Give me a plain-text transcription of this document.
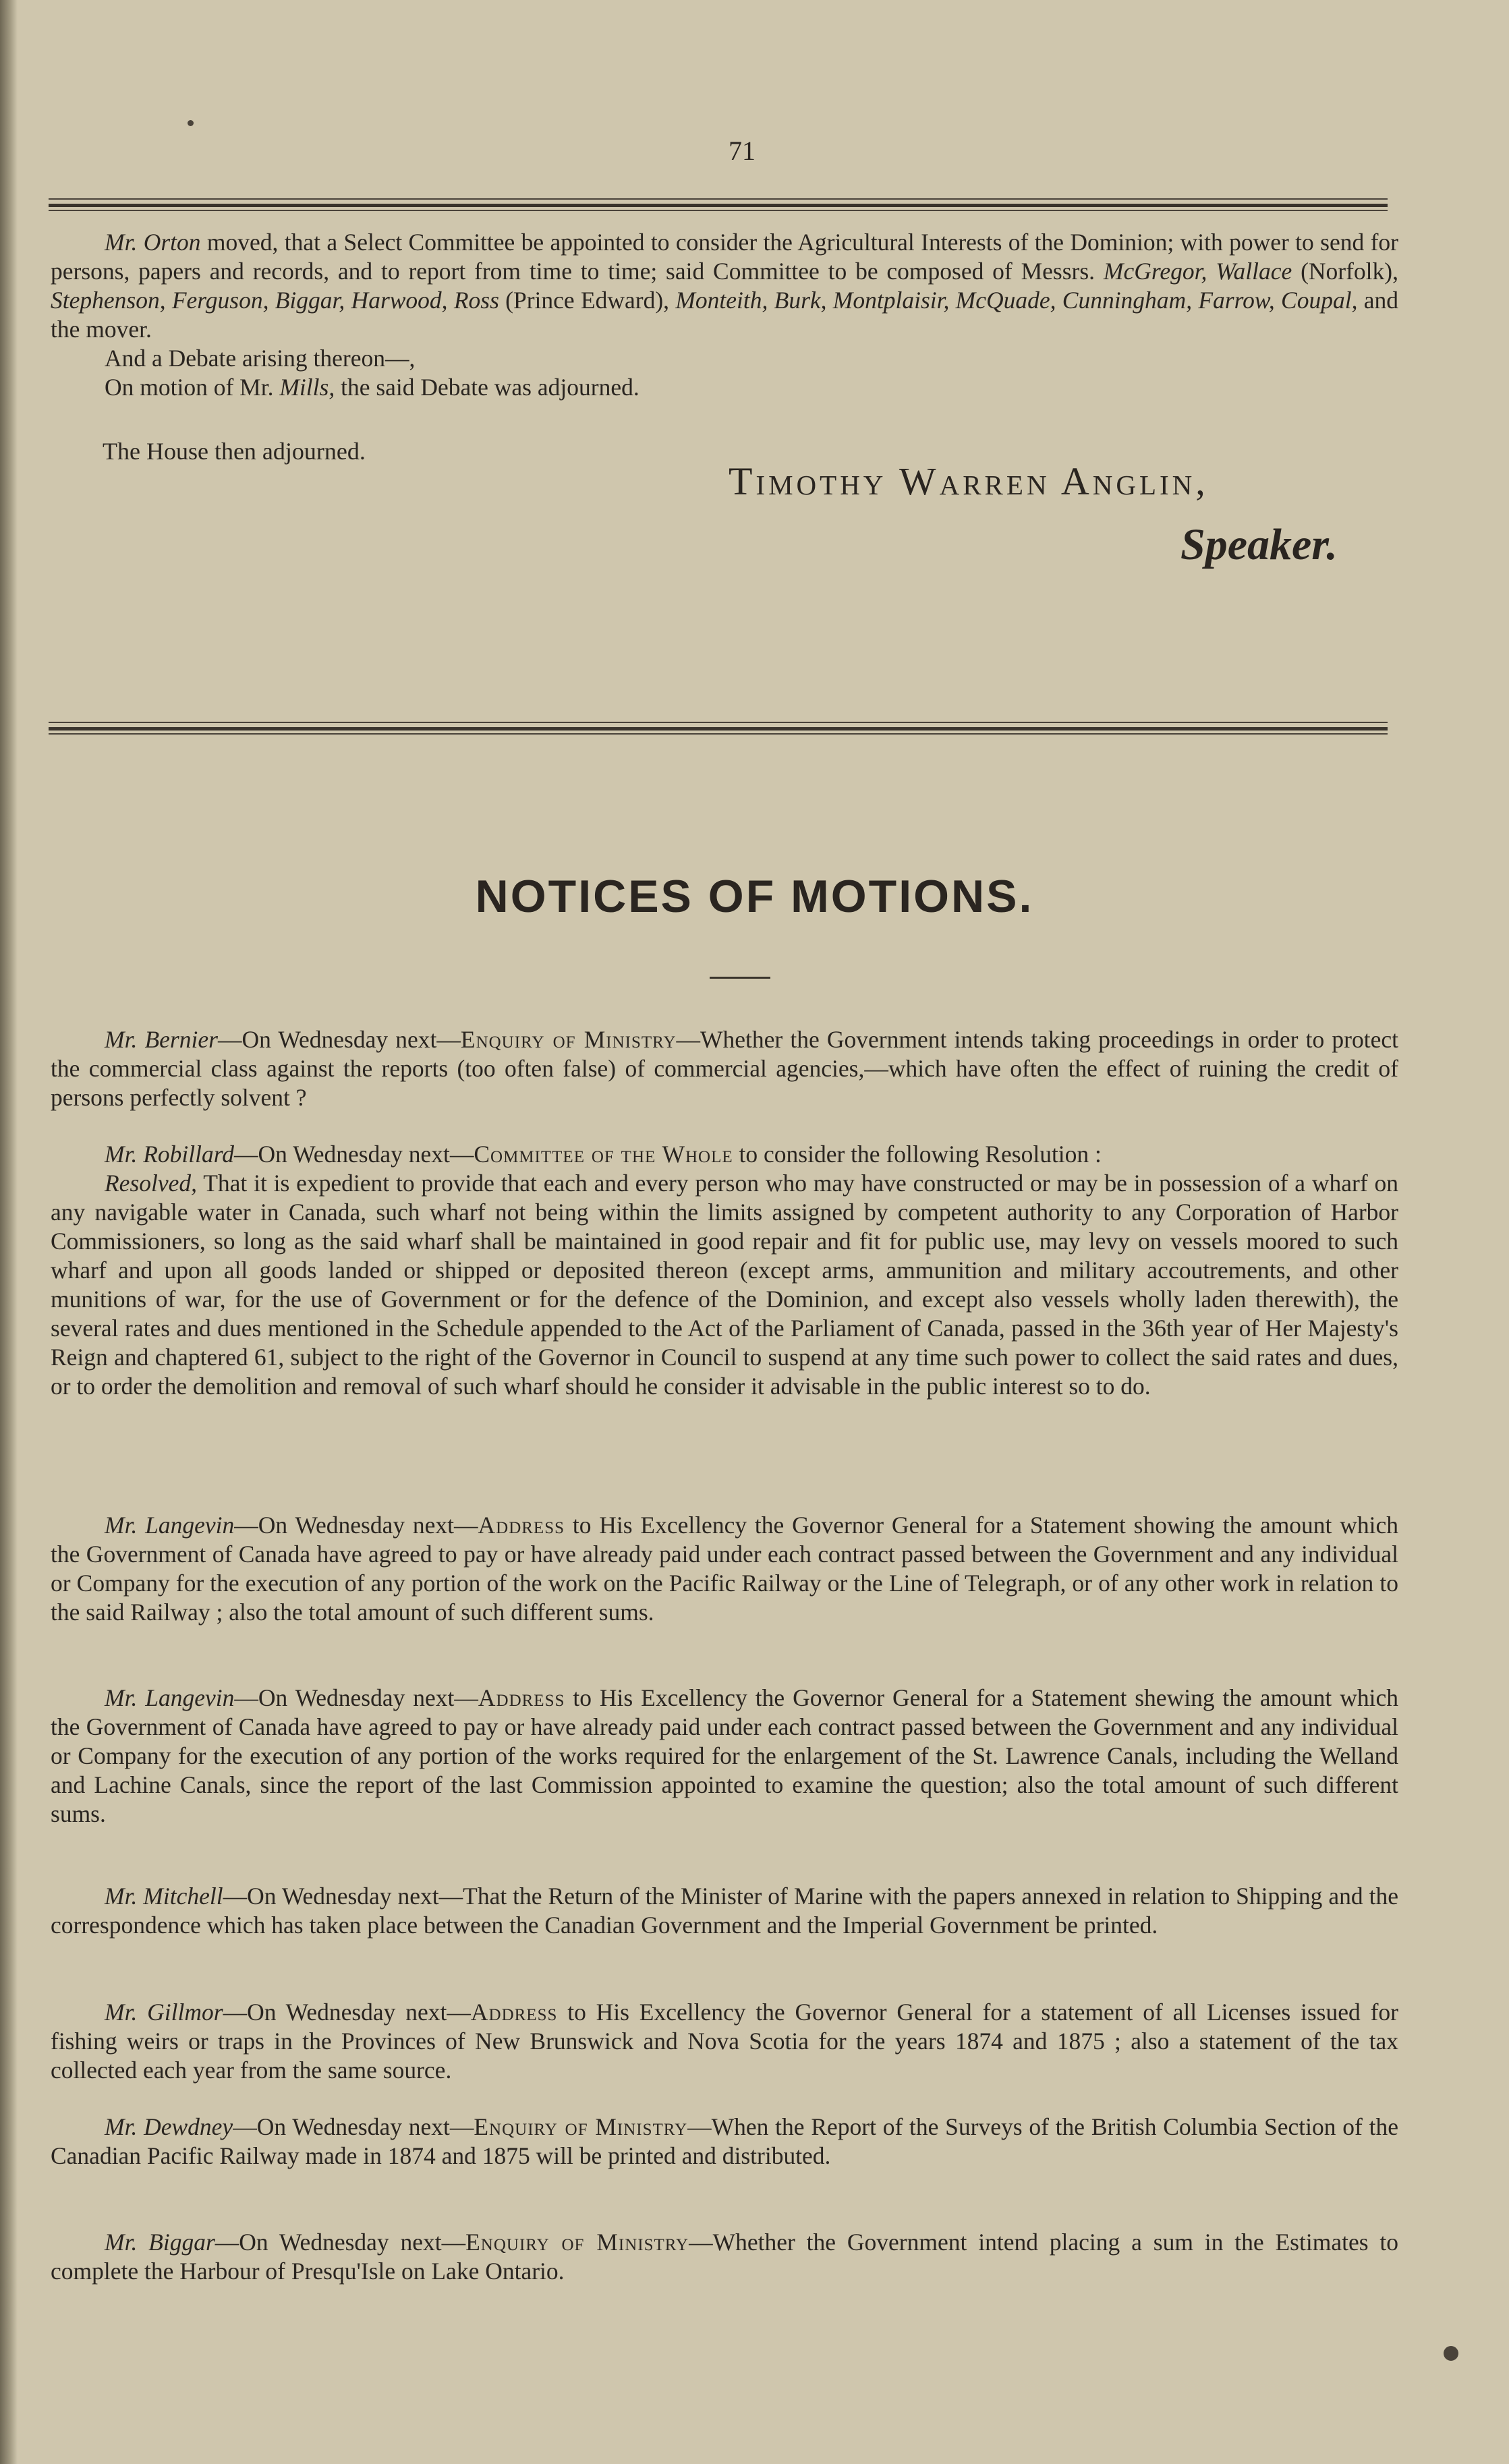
71

Mr. Orton moved, that a Select Committee be appointed to consider the Agricultural Interests of the Dominion; with power to send for persons, papers and records, and to report from time to time; said Committee to be composed of Messrs. McGregor, Wallace (Norfolk), Stephenson, Ferguson, Biggar, Harwood, Ross (Prince Edward), Monteith, Burk, Montplaisir, McQuade, Cunningham, Farrow, Coupal, and the mover.

And a Debate arising thereon—,

On motion of Mr. Mills, the said Debate was adjourned.

The House then adjourned.
Timothy Warren Anglin,
Speaker.
NOTICES OF MOTIONS.

Mr. Bernier—On Wednesday next—Enquiry of Ministry—Whether the Government intends taking proceedings in order to protect the commercial class against the reports (too often false) of commercial agencies,—which have often the effect of ruining the credit of persons perfectly solvent ?

Mr. Robillard—On Wednesday next—Committee of the Whole to consider the following Resolution :

Resolved, That it is expedient to provide that each and every person who may have constructed or may be in possession of a wharf on any navigable water in Canada, such wharf not being within the limits assigned by competent authority to any Corporation of Harbor Commissioners, so long as the said wharf shall be maintained in good repair and fit for public use, may levy on vessels moored to such wharf and upon all goods landed or shipped or deposited thereon (except arms, ammunition and military accoutrements, and other munitions of war, for the use of Government or for the defence of the Dominion, and except also vessels wholly laden therewith), the several rates and dues mentioned in the Schedule appended to the Act of the Parliament of Canada, passed in the 36th year of Her Majesty's Reign and chaptered 61, subject to the right of the Governor in Council to suspend at any time such power to collect the said rates and dues, or to order the demolition and removal of such wharf should he consider it advisable in the public interest so to do.

Mr. Langevin—On Wednesday next—Address to His Excellency the Governor General for a Statement showing the amount which the Government of Canada have agreed to pay or have already paid under each contract passed between the Government and any individual or Company for the execution of any portion of the work on the Pacific Railway or the Line of Telegraph, or of any other work in relation to the said Railway ; also the total amount of such different sums.

Mr. Langevin—On Wednesday next—Address to His Excellency the Governor General for a Statement shewing the amount which the Government of Canada have agreed to pay or have already paid under each contract passed between the Government and any individual or Company for the execution of any portion of the works required for the enlargement of the St. Lawrence Canals, including the Welland and Lachine Canals, since the report of the last Commission appointed to examine the question; also the total amount of such different sums.

Mr. Mitchell—On Wednesday next—That the Return of the Minister of Marine with the papers annexed in relation to Shipping and the correspondence which has taken place between the Canadian Government and the Imperial Government be printed.

Mr. Gillmor—On Wednesday next—Address to His Excellency the Governor General for a statement of all Licenses issued for fishing weirs or traps in the Provinces of New Brunswick and Nova Scotia for the years 1874 and 1875 ; also a statement of the tax collected each year from the same source.

Mr. Dewdney—On Wednesday next—Enquiry of Ministry—When the Report of the Surveys of the British Columbia Section of the Canadian Pacific Railway made in 1874 and 1875 will be printed and distributed.

Mr. Biggar—On Wednesday next—Enquiry of Ministry—Whether the Government intend placing a sum in the Estimates to complete the Harbour of Presqu'Isle on Lake Ontario.
